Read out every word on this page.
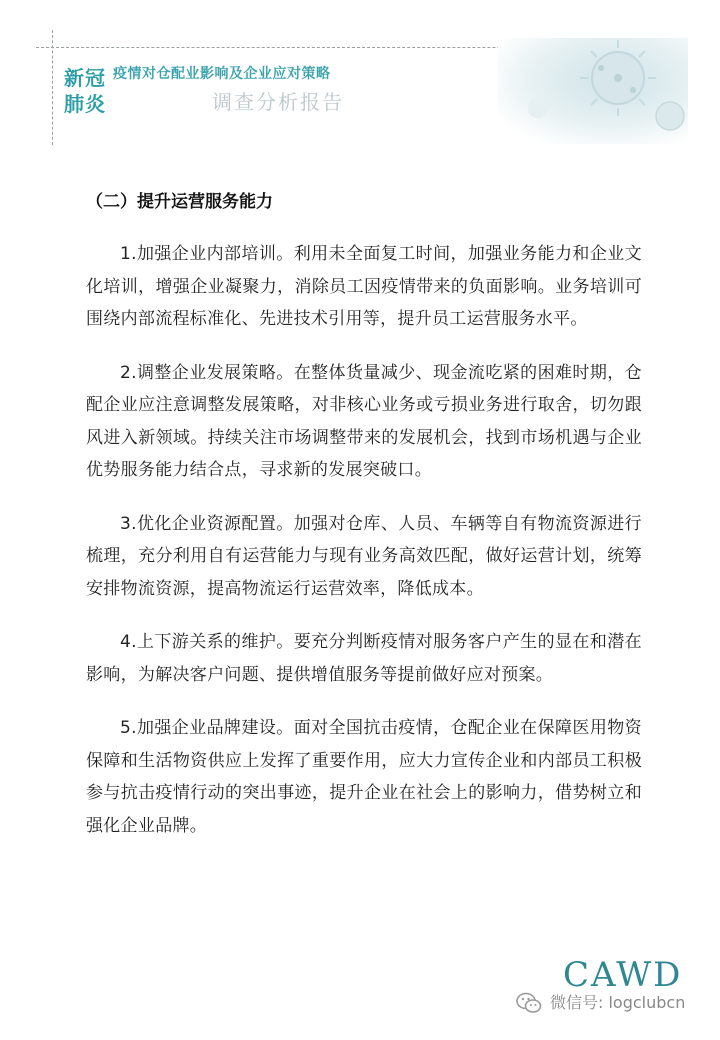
新冠
肺炎
疫情对仓配业影响及企业应对策略
调查分析报告
（二）提升运营服务能力

1.加强企业内部培训。利用未全面复工时间，加强业务能力和企业文化培训，增强企业凝聚力，消除员工因疫情带来的负面影响。业务培训可围绕内部流程标准化、先进技术引用等，提升员工运营服务水平。

2.调整企业发展策略。在整体货量减少、现金流吃紧的困难时期，仓配企业应注意调整发展策略，对非核心业务或亏损业务进行取舍，切勿跟风进入新领域。持续关注市场调整带来的发展机会，找到市场机遇与企业优势服务能力结合点，寻求新的发展突破口。

3.优化企业资源配置。加强对仓库、人员、车辆等自有物流资源进行梳理，充分利用自有运营能力与现有业务高效匹配，做好运营计划，统筹安排物流资源，提高物流运行运营效率，降低成本。

4.上下游关系的维护。要充分判断疫情对服务客户产生的显在和潜在影响，为解决客户问题、提供增值服务等提前做好应对预案。

5.加强企业品牌建设。面对全国抗击疫情，仓配企业在保障医用物资保障和生活物资供应上发挥了重要作用，应大力宣传企业和内部员工积极参与抗击疫情行动的突出事迹，提升企业在社会上的影响力，借势树立和强化企业品牌。

CAWD
微信号: logclubcn
